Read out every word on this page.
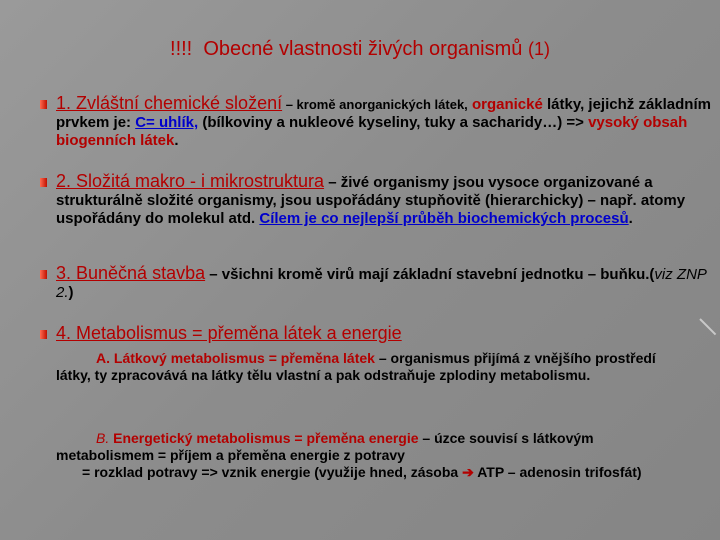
!!!! Obecné vlastnosti živých organismů (1)
1. Zvláštní chemické složení – kromě anorganických látek, organické látky, jejichž základním prvkem je: C= uhlík, (bílkoviny a nukleové kyseliny, tuky a sacharidy…) => vysoký obsah biogenních látek.
2. Složitá makro - i mikrostruktura – živé organismy jsou vysoce organizované a strukturálně složité organismy, jsou uspořádány stupňovitě (hierarchicky) – např. atomy uspořádány do molekul atd. Cílem je co nejlepší průběh biochemických procesů.
3. Buněčná stavba – všichni kromě virů mají základní stavební jednotku – buňku.(viz ZNP 2.)
4. Metabolismus = přeměna látek a energie
A. Látkový metabolismus = přeměna látek – organismus přijímá z vnějšího prostředí látky, ty zpracovává na látky tělu vlastní a pak odstraňuje zplodiny metabolismu.
B. Energetický metabolismus = přeměna energie – úzce souvisí s látkovým metabolismem = příjem a přeměna energie z potravy
= rozklad potravy => vznik energie (využije hned, zásoba ➔ ATP – adenosin trifosfát)
